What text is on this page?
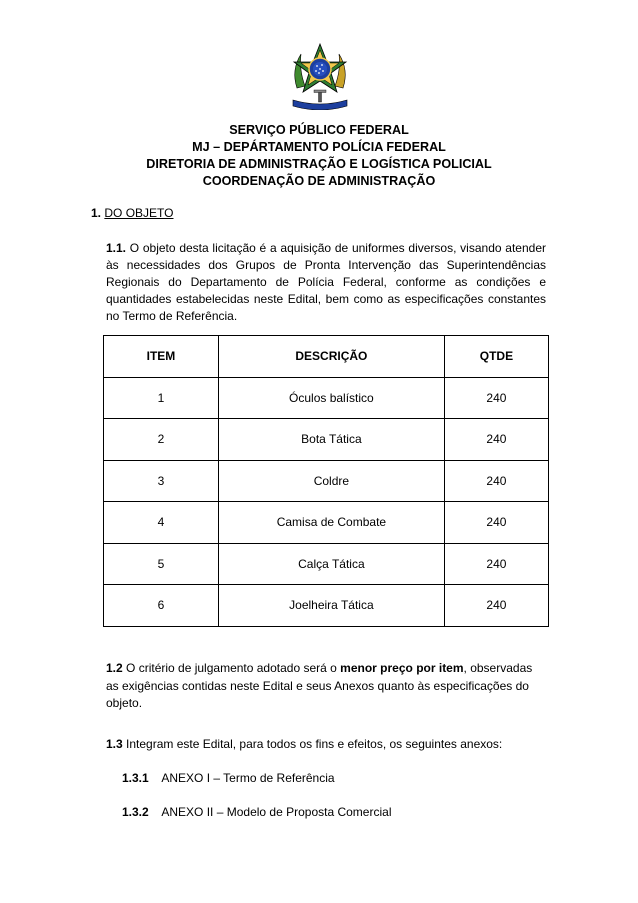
SERVIÇO PÚBLICO FEDERAL
MJ – DEPÁRTAMENTO POLÍCIA FEDERAL
DIRETORIA DE ADMINISTRAÇÃO E LOGÍSTICA POLICIAL
COORDENAÇÃO DE ADMINISTRAÇÃO
1. DO OBJETO
1.1. O objeto desta licitação é a aquisição de uniformes diversos, visando atender às necessidades dos Grupos de Pronta Intervenção das Superintendências Regionais do Departamento de Polícia Federal, conforme as condições e quantidades estabelecidas neste Edital, bem como as especificações constantes no Termo de Referência.
ITEM	DESCRIÇÃO	QTDE
1	Óculos balístico	240
2	Bota Tática	240
3	Coldre	240
4	Camisa de Combate	240
5	Calça Tática	240
6	Joelheira Tática	240
1.2 O critério de julgamento adotado será o menor preço por item, observadas as exigências contidas neste Edital e seus Anexos quanto às especificações do objeto.
1.3 Integram este Edital, para todos os fins e efeitos, os seguintes anexos:
1.3.1 ANEXO I – Termo de Referência
1.3.2 ANEXO II – Modelo de Proposta Comercial
